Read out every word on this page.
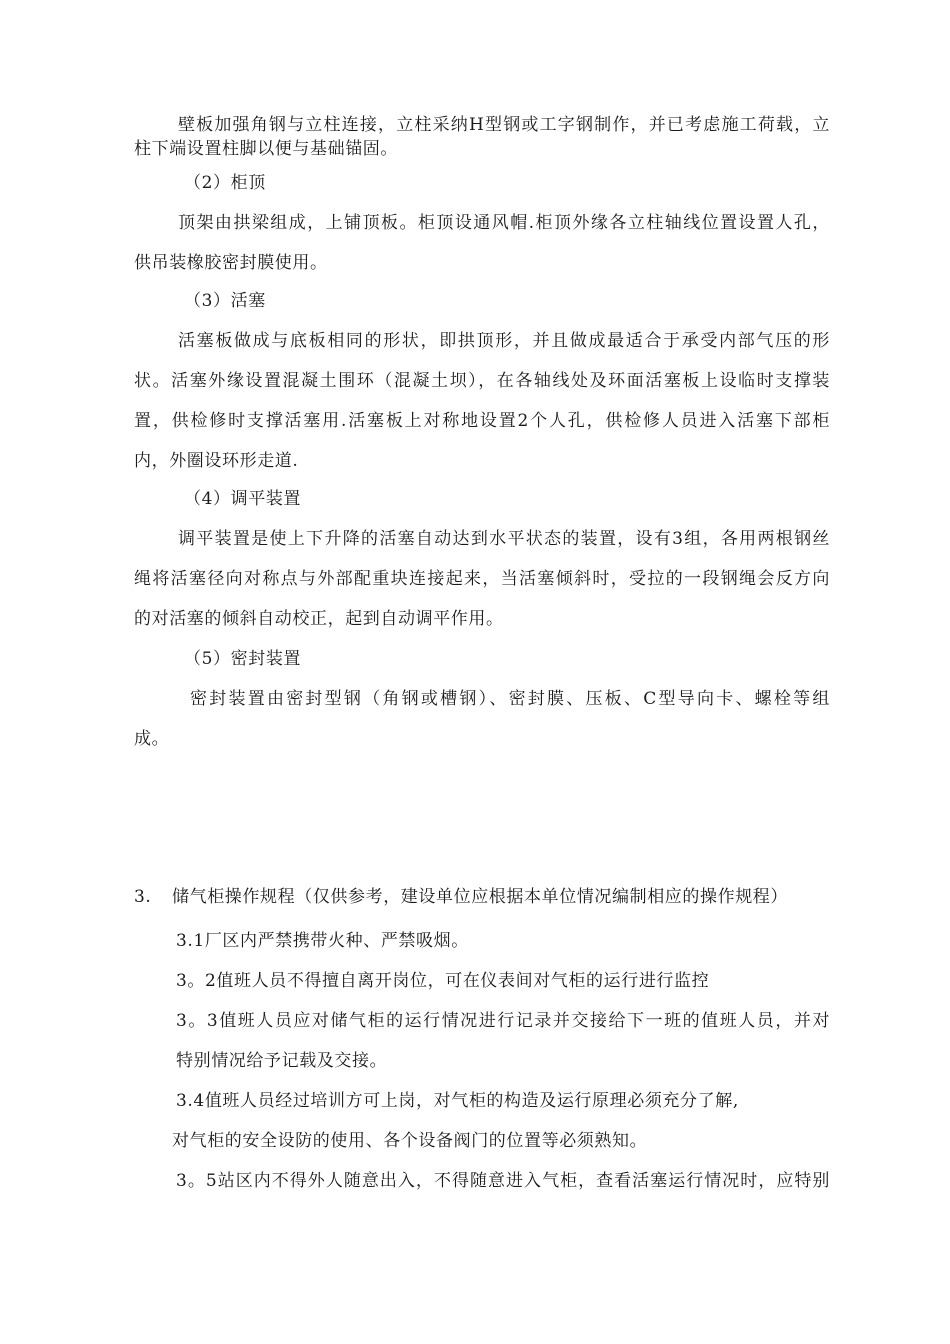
壁板加强角钢与立柱连接，立柱采纳H型钢或工字钢制作，并已考虑施工荷载，立
柱下端设置柱脚以便与基础锚固。
（2）柜顶
顶架由拱梁组成，上铺顶板。柜顶设通风帽.柜顶外缘各立柱轴线位置设置人孔，
供吊装橡胶密封膜使用。
（3）活塞
活塞板做成与底板相同的形状，即拱顶形，并且做成最适合于承受内部气压的形
状。活塞外缘设置混凝土围环（混凝土坝），在各轴线处及环面活塞板上设临时支撑装
置，供检修时支撑活塞用.活塞板上对称地设置2个人孔，供检修人员进入活塞下部柜
内，外圈设环形走道.
（4）调平装置
调平装置是使上下升降的活塞自动达到水平状态的装置，设有3组，各用两根钢丝
绳将活塞径向对称点与外部配重块连接起来，当活塞倾斜时，受拉的一段钢绳会反方向
的对活塞的倾斜自动校正，起到自动调平作用。
（5）密封装置
密封装置由密封型钢（角钢或槽钢）、密封膜、压板、C型导向卡、螺栓等组
成。
3. 储气柜操作规程（仅供参考，建设单位应根据本单位情况编制相应的操作规程）
3.1厂区内严禁携带火种、严禁吸烟。
3。2值班人员不得擅自离开岗位，可在仪表间对气柜的运行进行监控
3。3值班人员应对储气柜的运行情况进行记录并交接给下一班的值班人员，并对
特别情况给予记载及交接。
3.4值班人员经过培训方可上岗，对气柜的构造及运行原理必须充分了解,
对气柜的安全设防的使用、各个设备阀门的位置等必须熟知。
3。5站区内不得外人随意出入，不得随意进入气柜，查看活塞运行情况时，应特别
